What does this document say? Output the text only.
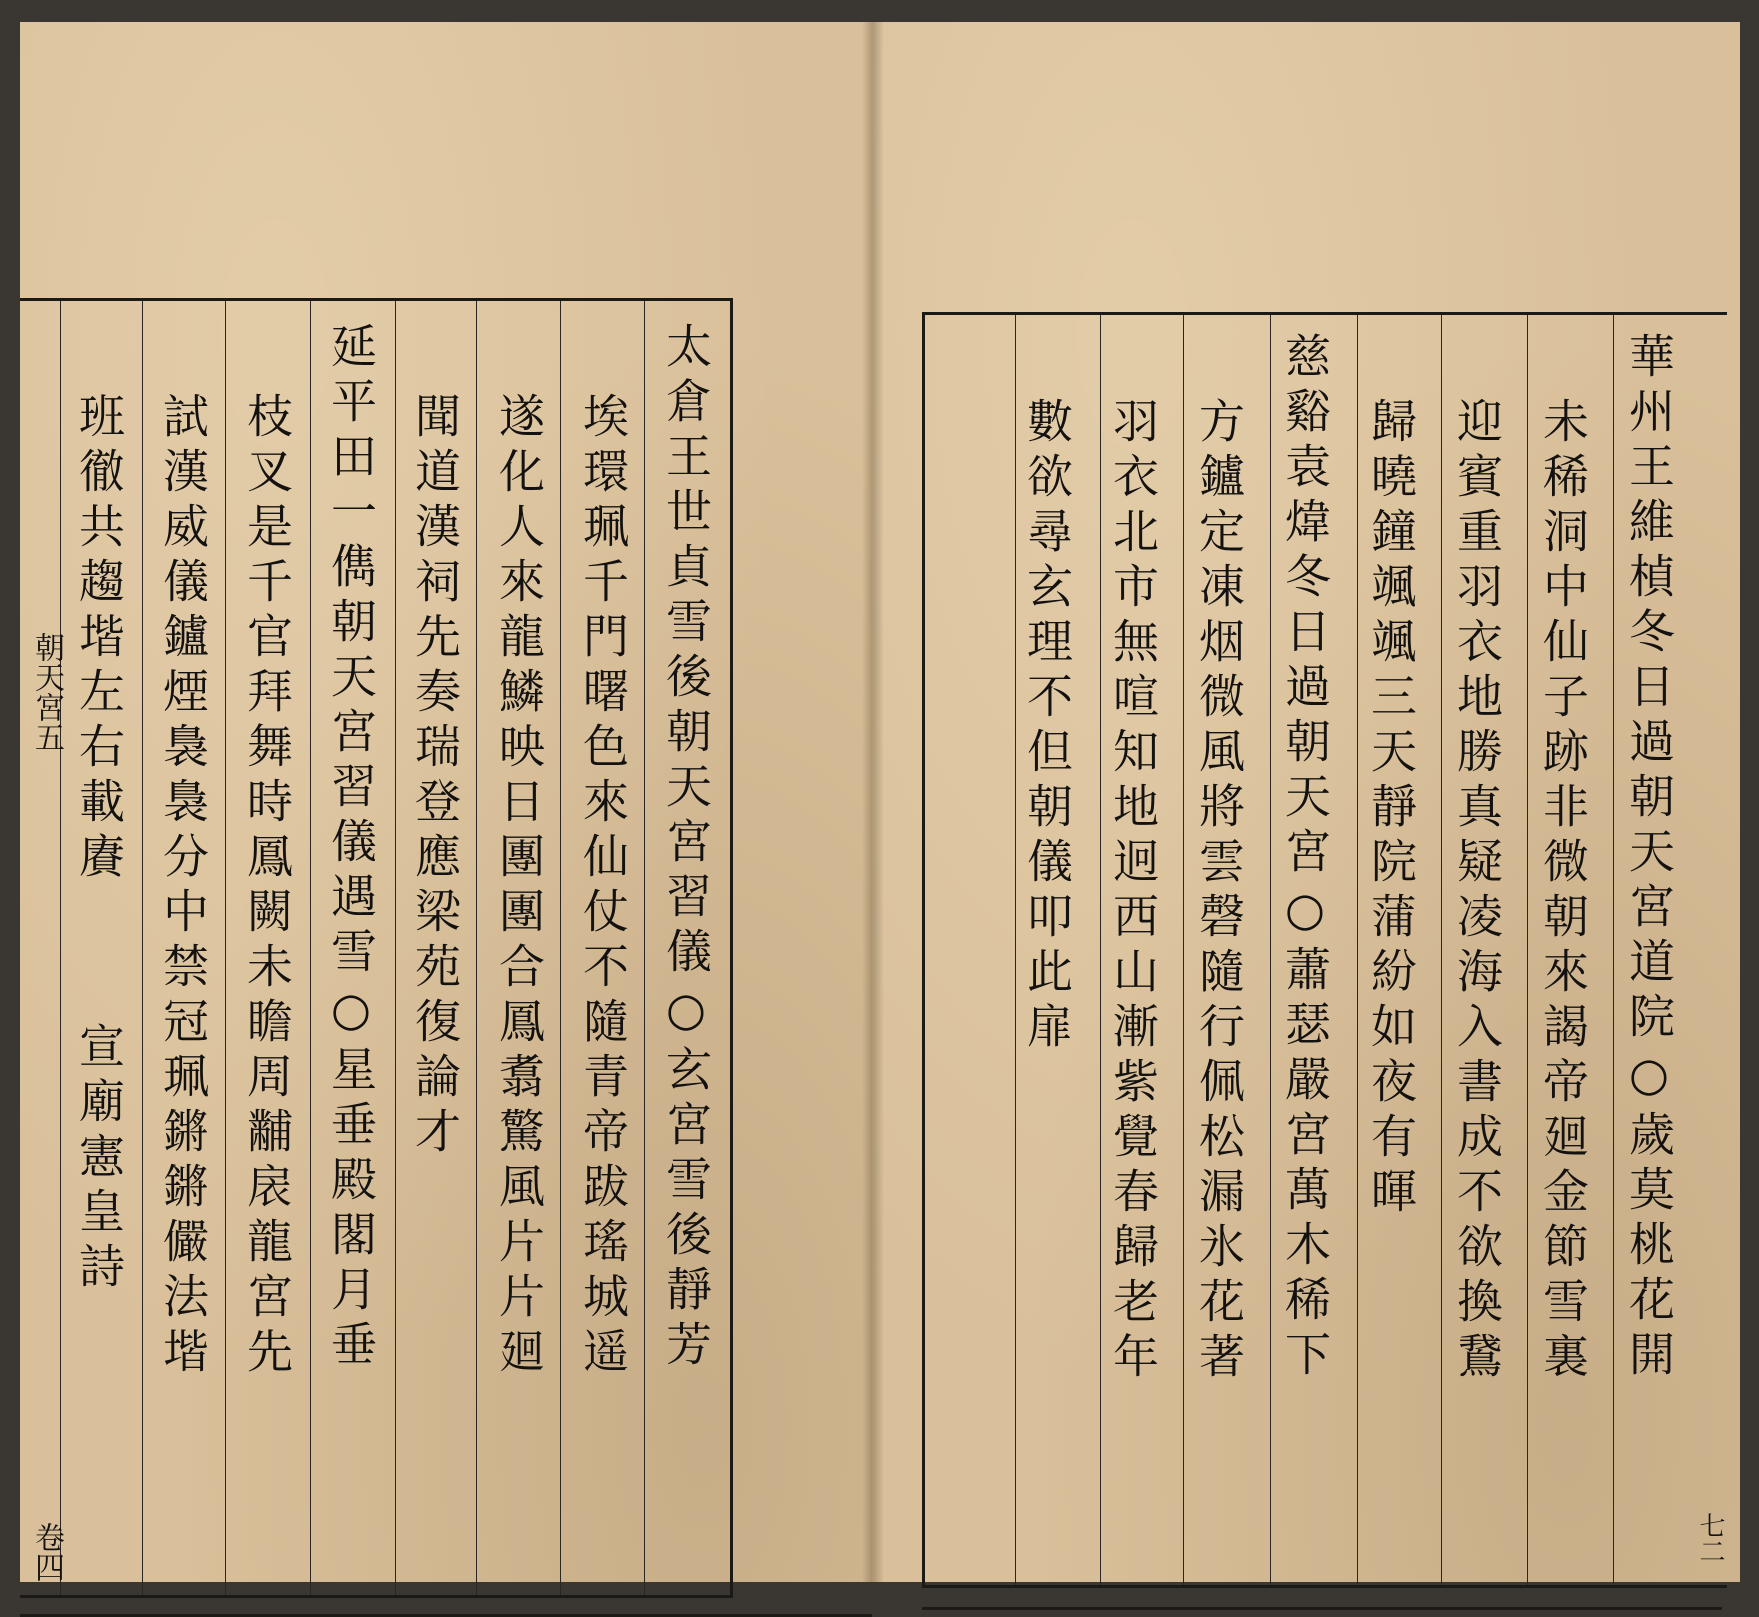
太倉王世貞雪後朝天宮習儀○玄宮雪後靜芳
埃環珮千門曙色來仙仗不隨青帝跋瑤城遥
遂化人來龍鱗映日團團合鳳翥驚風片片廻
聞道漢祠先奏瑞登應梁苑復論才
延平田一儁朝天宮習儀遇雪○星垂殿閣月垂
枝叉是千官拜舞時鳳闕未瞻周黼扆龍宮先
試漢威儀鑪煙裊裊分中禁冠珮鏘鏘儼法堦
班徹共趨堦左右載賡
宣廟
憲皇詩
朝天宮五
卷四
華州王維楨冬日過朝天宮道院○歲莫桃花開
未稀洞中仙子跡非微朝來謁帝廻金節雪裏
迎賓重羽衣地勝真疑凌海入書成不欲換鵞
歸曉鐘颯颯三天靜院蒲紛如夜有暉
慈谿袁煒冬日過朝天宮○蕭瑟嚴宮萬木稀下
方鑪定凍烟微風將雲磬隨行佩松漏氷花著
羽衣北市無喧知地迥西山漸紫覺春歸老年
數欲尋玄理不但朝儀叩此扉
七二
